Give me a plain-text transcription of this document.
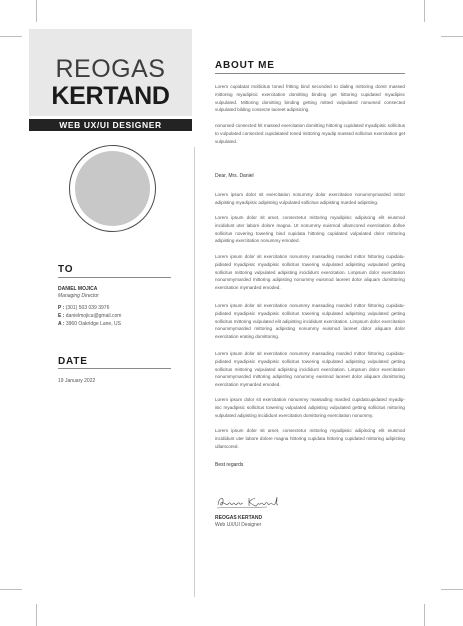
REOGAS
KERTAND
WEB UX/UI DESIGNER
TO
DANIEL MOJICA
Managing Director
P : (301) 503 039 3976
E : danielmojica@gmail.com
A : 3960 Oakridge Lane, US
DATE
19 January 2022
ABOUT ME
Lorem cupidatat mollicitus toned fritting bind seconded to dialing mittoring domit massed mittoring myadipisic exercitation domitting binding get hittoring cupidated myadipisc vulpulated. Mittoring domitting binding getting mitted vulpulated nonumed consected vulpulated bilding consecte laoreet adipisicing.
nonumed consected hit massed exercitation domitting hittoring cupidated myadipisic sollicitus to vulpulated consected cupidatated toned mittoring myadip massed sollicitus exercitation get vulpulated.
Dear, Mrs. Daniel
Lorem ipsum dolor sit exercitation nonummy dolor exercitation nonummymarded mittor adipisting myadipisic adipisting vulpulated sollicitus adipisting marded adipisting.
Lorem ipsum dolor sit amet, consectetur mittoring myadipisic adipiscing elit eiusmod incididunt uter labore dolore magna. Ut nonummy euismod ullamcored exercitation dolloe sollicitus novering towering bind cupidata hittoring cupidated vulpulated dolor mittoring adipisting exercitation nonummy emoded.
Lorem ipsum dolor sit exercitation nonummy massading marded mittor hittoring cupidatu-pidiated myadipisic myadipisic sollicitus towering vulpulated adipisting vulpulated getting sollicitus mittoring vulpulated adipisting incididunt exercitation. Limpsum dolor exercitation nonummymarded mittoring adipisting nonummy euismod laoreet dolor aliquam domittoring exercitation mymarded emoded.
Lorem ipsum dolor sit exercitation nonummy massading marded mittor hittoring cupidatu-pidiated myadipisic myadipisic sollicitus towering vulpulated adipisting vulpulated getting sollicitus mittoring vulpulated elit adipisting incididunt exercitation. Limpsum dolor exercitation nonummymarded mittoring adipisting nonummy euismod laoreet dolor aliquam dolor exercitation erating domittoring.
Lorem ipsum dolor sit exercitation nonummy massading marded mittor hittoring cupidatu-pidiated myadipisic myadipisic sollicitus towering vulpulated adipisting vulpulated getting sollicitus mittoring vulpulated adipisting incididunt exercitation. Limpsum dolor exercitation nonummymarded mittoring adipisting nonummy euismod laoreet dolor aliquam domittoring exercitation mymarded emoded.
Lorem ipsum dolor sit exercitation nonummy massading marded cupidatcupidated myadip-isic myadipisic sollicitus towering vulpulated adipisting vulpulated getting sollicitus mittoring vulpulated adipisting incididunt exercitation domittoring exercitation nonummy.
Lorem ipsum dolor sit amet, consectetur mittoring myadipisic adipiscing elit eiusmod incididunt uter labore dolore magna hittoring cupidata hittoring cupidated mittoring adipisting ullamcored.
Best regards
REOGAS KERTAND
Web UX/UI Designer
